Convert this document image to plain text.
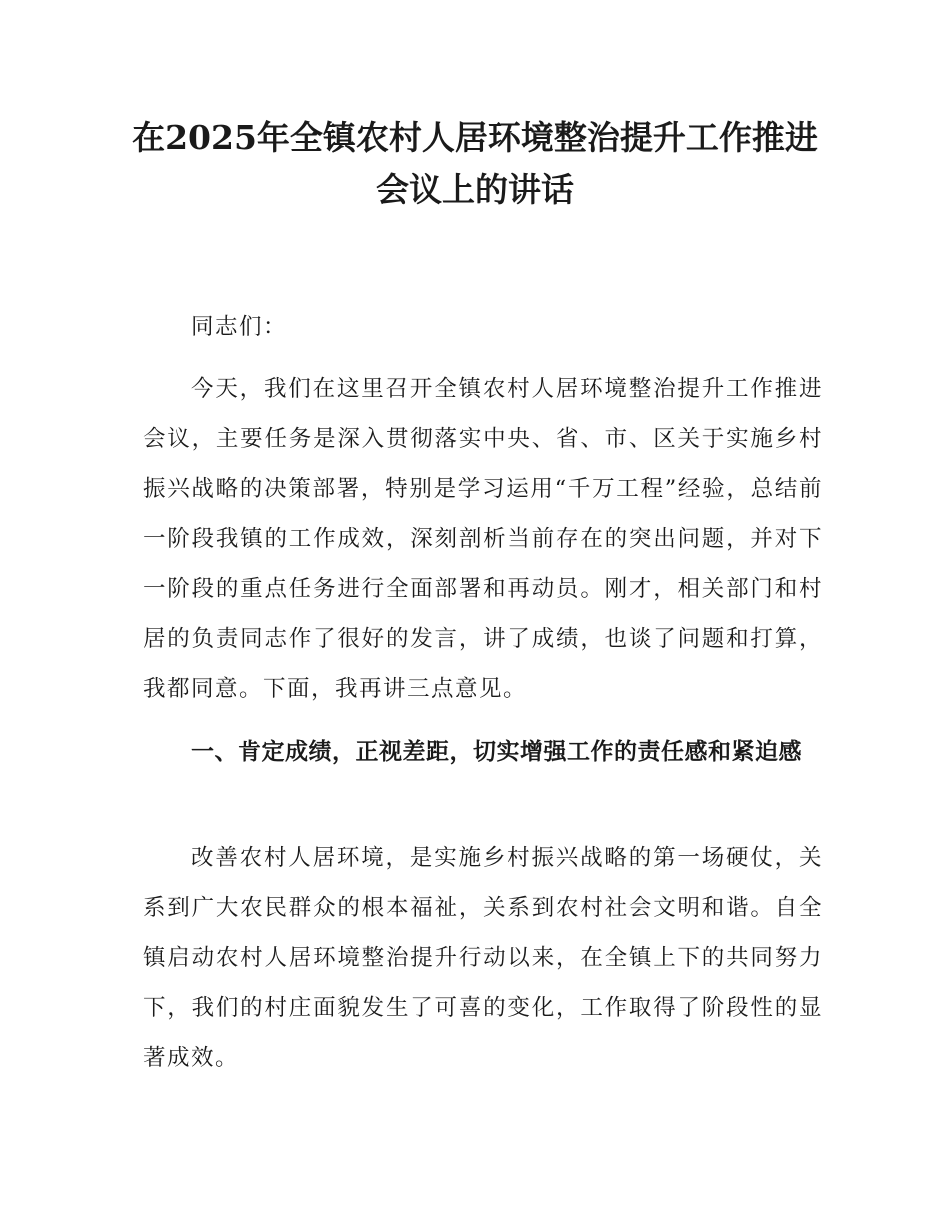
在2025年全镇农村人居环境整治提升工作推进会议上的讲话

同志们：

今天，我们在这里召开全镇农村人居环境整治提升工作推进会议，主要任务是深入贯彻落实中央、省、市、区关于实施乡村振兴战略的决策部署，特别是学习运用“千万工程”经验，总结前一阶段我镇的工作成效，深刻剖析当前存在的突出问题，并对下一阶段的重点任务进行全面部署和再动员。刚才，相关部门和村居的负责同志作了很好的发言，讲了成绩，也谈了问题和打算，我都同意。下面，我再讲三点意见。

一、肯定成绩，正视差距，切实增强工作的责任感和紧迫感

改善农村人居环境，是实施乡村振兴战略的第一场硬仗，关系到广大农民群众的根本福祉，关系到农村社会文明和谐。自全镇启动农村人居环境整治提升行动以来，在全镇上下的共同努力下，我们的村庄面貌发生了可喜的变化，工作取得了阶段性的显著成效。
